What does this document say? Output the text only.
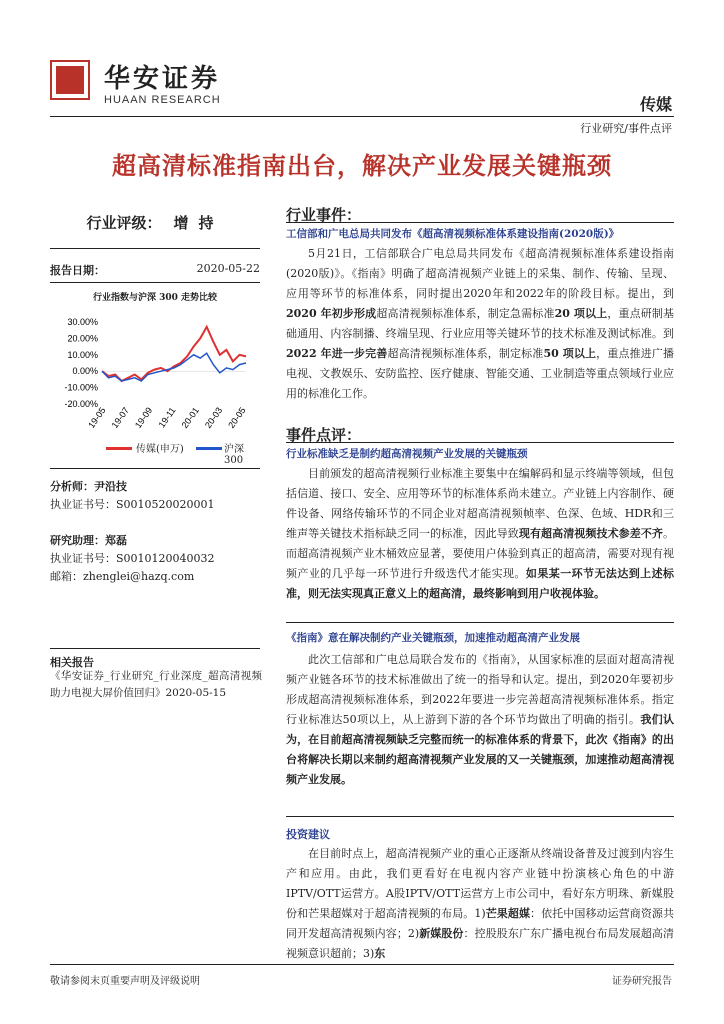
华安证券
HUAAN RESEARCH	传媒
行业研究/事件点评
超高清标准指南出台，解决产业发展关键瓶颈
行业评级： 增持
报告日期：	2020-05-22
行业指数与沪深 300 走势比较
30.00%
20.00%
10.00%
0.00%
-10.00%
-20.00%
19-05 19-07 19-09 19-11 20-01 20-03 20-05
传媒(申万)	沪深300
分析师：尹沿技
执业证书号：S0010520020001
研究助理：郑磊
执业证书号：S0010120040032
邮箱：zhenglei@hazq.com
相关报告
《华安证券_行业研究_行业深度_超高清视频助力电视大屏价值回归》2020-05-15
行业事件：
工信部和广电总局共同发布《超高清视频标准体系建设指南(2020版)》
5月21日，工信部联合广电总局共同发布《超高清视频标准体系建设指南(2020版)》。《指南》明确了超高清视频产业链上的采集、制作、传输、呈现、应用等环节的标准体系，同时提出2020年和2022年的阶段目标。提出，到2020 年初步形成超高清视频标准体系，制定急需标准20 项以上，重点研制基础通用、内容制播、终端呈现、行业应用等关键环节的技术标准及测试标准。到2022 年进一步完善超高清视频标准体系，制定标准50 项以上，重点推进广播电视、文教娱乐、安防监控、医疗健康、智能交通、工业制造等重点领域行业应用的标准化工作。
事件点评：
行业标准缺乏是制约超高清视频产业发展的关键瓶颈
目前颁发的超高清视频行业标准主要集中在编解码和显示终端等领域，但包括信道、接口、安全、应用等环节的标准体系尚未建立。产业链上内容制作、硬件设备、网络传输环节的不同企业对超高清视频帧率、色深、色域、HDR和三维声等关键技术指标缺乏同一的标准，因此导致现有超高清视频技术参差不齐。而超高清视频产业木桶效应显著，要使用户体验到真正的超高清，需要对现有视频产业的几乎每一环节进行升级迭代才能实现。如果某一环节无法达到上述标准，则无法实现真正意义上的超高清，最终影响到用户收视体验。
《指南》意在解决制约产业关键瓶颈，加速推动超高清产业发展
此次工信部和广电总局联合发布的《指南》，从国家标准的层面对超高清视频产业链各环节的技术标准做出了统一的指导和认定。提出，到2020年要初步形成超高清视频标准体系，到2022年要进一步完善超高清视频标准体系。指定行业标准达50项以上，从上游到下游的各个环节均做出了明确的指引。我们认为，在目前超高清视频缺乏完整而统一的标准体系的背景下，此次《指南》的出台将解决长期以来制约超高清视频产业发展的又一关键瓶颈，加速推动超高清视频产业发展。
投资建议
在目前时点上，超高清视频产业的重心正逐渐从终端设备普及过渡到内容生产和应用。由此，我们更看好在电视内容产业链中扮演核心角色的中游IPTV/OTT运营方。A股IPTV/OTT运营方上市公司中，看好东方明珠、新媒股份和芒果超媒对于超高清视频的布局。1)芒果超媒：依托中国移动运营商资源共同开发超高清视频内容；2)新媒股份：控股股东广东广播电视台布局发展超高清视频意识超前；3)东
敬请参阅末页重要声明及评级说明	证券研究报告
